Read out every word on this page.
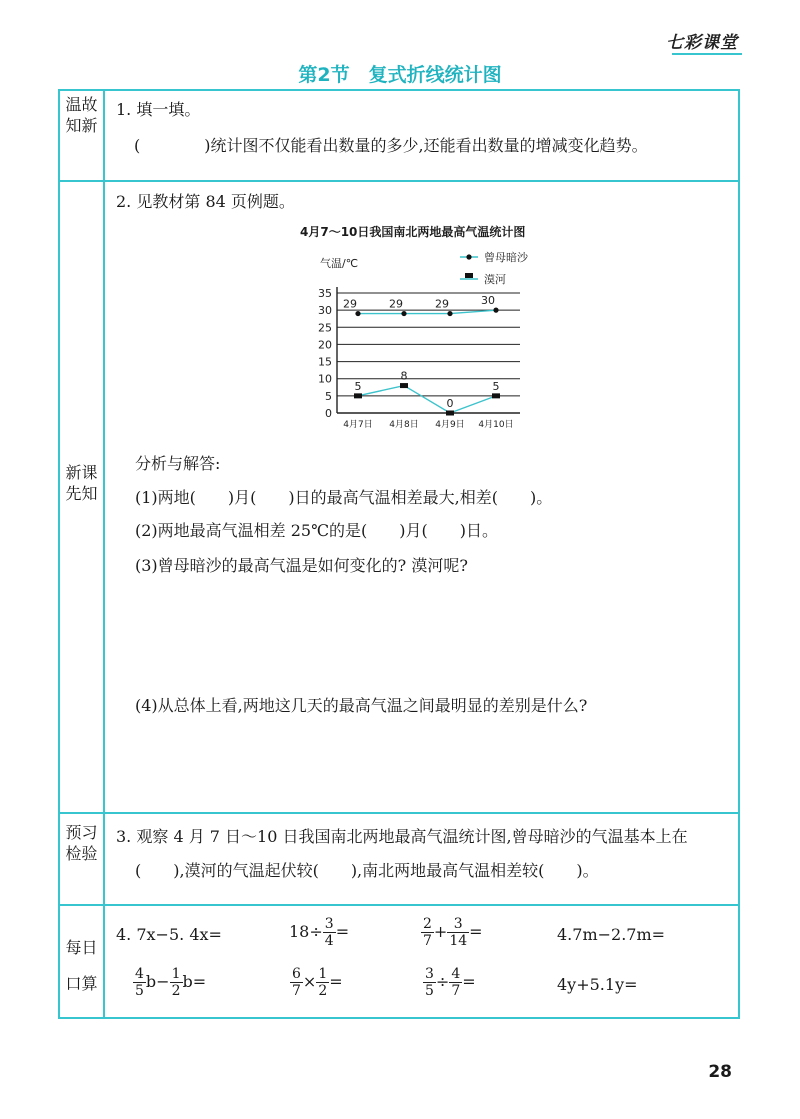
七彩课堂
第2节　复式折线统计图
温故知新
1. 填一填。
(　　　　)统计图不仅能看出数量的多少,还能看出数量的增减变化趋势。
新课先知
2. 见教材第 84 页例题。
4月7～10日我国南北两地最高气温统计图
气温/℃	曾母暗沙
漠河
0
5
10
15
20
25
30
35
4月7日 4月8日 4月9日 4月10日
29	29	29	30
5
8
0
5
分析与解答:
(1)两地(　　)月(　　)日的最高气温相差最大,相差(　　)。
(2)两地最高气温相差 25℃的是(　　)月(　　)日。
(3)曾母暗沙的最高气温是如何变化的? 漠河呢?
(4)从总体上看,两地这几天的最高气温之间最明显的差别是什么?
预习检验
3. 观察 4 月 7 日～10 日我国南北两地最高气温统计图,曾母暗沙的气温基本上在
(　　),漠河的气温起伏较(　　),南北两地最高气温相差较(　　)。
每日
口算
4. 7x−5. 4x=	$18\div \frac{3}{4}$ =	$\frac{2}{7} + \frac{3}{14}$ =	4.7m−2.7m=
$\frac{4}{5} b- \frac{1}{2} b=$	$\frac{6}{7} \times \frac{1}{2}$ =	$\frac{3}{5} \div \frac{4}{7}$ =	4y+5.1y=
28
